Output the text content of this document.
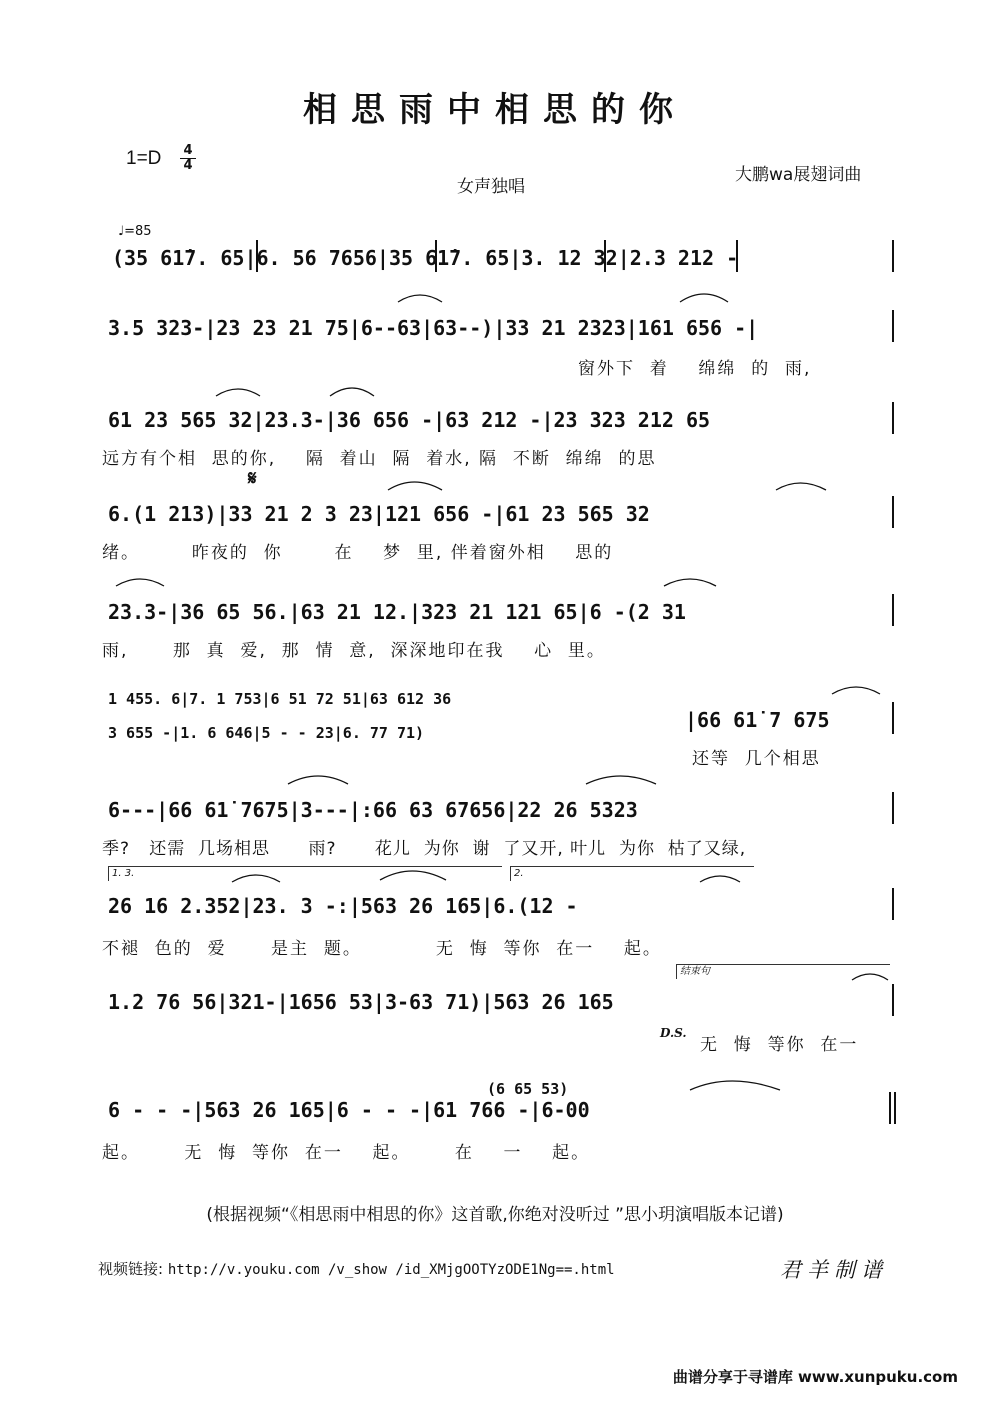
相思雨中相思的你
1=D 4
4
女声独唱
大鹏wa展翅词曲
♩=85
(35 61̇7. 65|6. 56 7656|35 61̇7. 65|3. 12 32|2.3 212 -
3.5 323-|23 23 21 75|6--63|63--)|33 21 2323|161 656 -|
窗外下  着    绵绵  的  雨,
61 23 565 32|23.3-|36 656 -|63 212 -|23 323 212 65
远方有个相  思的你,    隔  着山  隔  着水, 隔  不断  绵绵  的思
𝄋
6.(1 213)|33 21 2 3 23|121 656 -|61 23 565 32
绪。       昨夜的  你       在    梦  里, 伴着窗外相    思的
23.3-|36 65 56.|63 21 12.|323 21 121 65|6 -(2 31
雨,      那  真  爱,  那  情  意,  深深地印在我    心  里。
1 455. 6|7. 1 753|6 51 72 51|63 612 36
3 655 -|1. 6 646|5 - - 23|6. 77 71)
|66 61̇ 7 675
还等  几个相思
6---|66 61̇ 7675|3---|:66 63 67656|22 26 5323
季?   还需  几场相思      雨?      花儿  为你  谢  了又开, 叶儿  为你  枯了又绿,
1. 3.	2.
26 16 2.352|23. 3 -:|563 26 165|6.(12 -
不褪  色的  爱      是主  题。          无  悔  等你  在一    起。
结束句
1.2 76 56|321-|1656 53|3-63 71)|563 26 165
D.S.
无  悔  等你  在一
(6 65 53)
6 - - -|563 26 165|6 - - -|61 766 -|6-00
起。      无  悔  等你  在一    起。      在    一    起。
(根据视频“《相思雨中相思的你》这首歌,你绝对没听过 ”思小玥演唱版本记谱)
视频链接: http://v.youku.com /v_show /id_XMjgOOTYzODE1Ng==.html	君羊制谱
曲谱分享于寻谱库 www.xunpuku.com
